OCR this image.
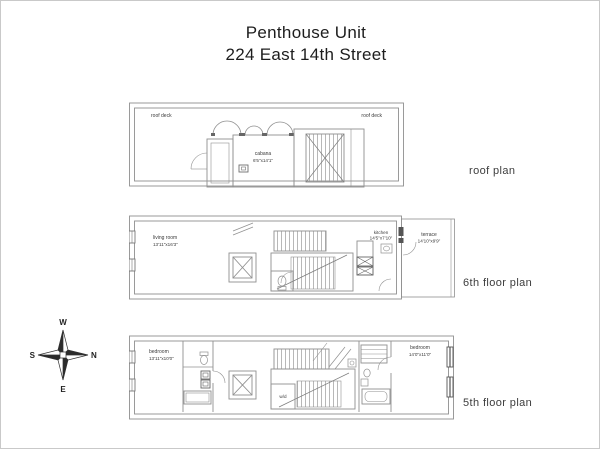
Penthouse Unit
224 East 14th Street
roof deck	roof deck
cabana
6'5"x14'1"
roof plan
living room
13'11"x16'3"
kitchen
14'5"x7'10"	terrace
14'10"x9'9"
6th floor plan
bedroom
13'11"x10'0"
bedroom
14'0"x11'0"
w/d
5th floor plan
W
N
S
E
